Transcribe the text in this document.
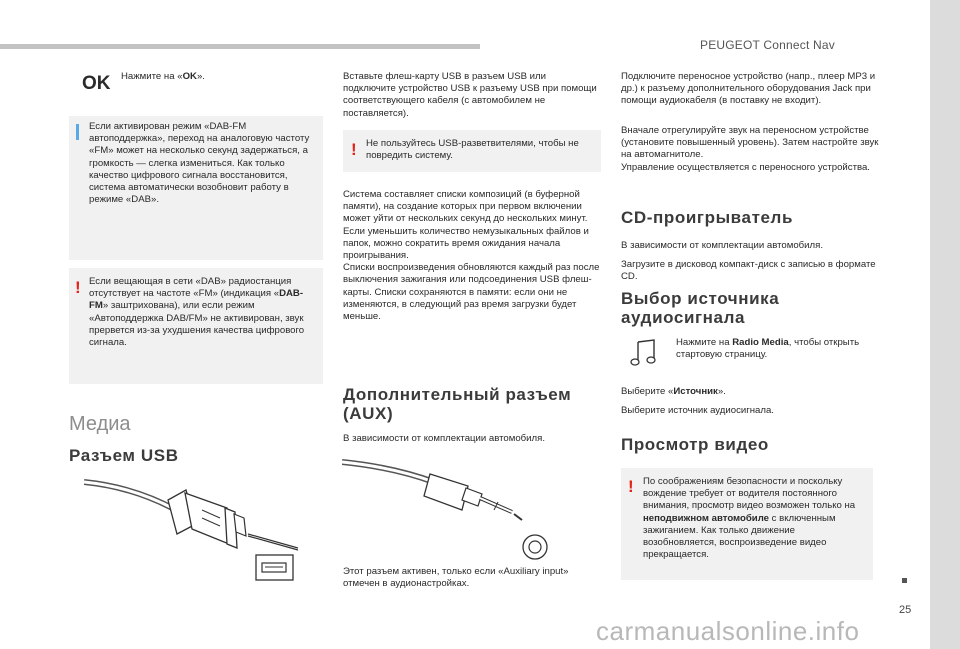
PEUGEOT Connect Nav
25
carmanualsonline.info
OK Нажмите на «OK».
Если активирован режим «DAB-FM автоподдержка», переход на аналоговую частоту «FM» может на несколько секунд задержаться, а громкость — слегка измениться. Как только качество цифрового сигнала восстановится, система автоматически возобновит работу в режиме «DAB».
! Если вещающая в сети «DAB» радиостанция отсутствует на частоте «FM» (индикация «DAB-FM» заштрихована), или если режим «Автоподдержка DAB/FM» не активирован, звук прервется из-за ухудшения качества цифрового сигнала.
Медиа
Разъем USB
Вставьте флеш-карту USB в разъем USB или подключите устройство USB к разъему USB при помощи соответствующего кабеля (с автомобилем не поставляется).
! Не пользуйтесь USB-разветвителями, чтобы не повредить систему.
Система составляет списки композиций (в буферной памяти), на создание которых при первом включении может уйти от нескольких секунд до нескольких минут.
Если уменьшить количество немузыкальных файлов и папок, можно сократить время ожидания начала проигрывания.
Списки воспроизведения обновляются каждый раз после выключения зажигания или подсоединения USB флеш-карты. Списки сохраняются в памяти: если они не изменяются, в следующий раз время загрузки будет меньше.
Дополнительный разъем (AUX)
В зависимости от комплектации автомобиля.
Этот разъем активен, только если «Auxiliary input» отмечен в аудионастройках.
Подключите переносное устройство (напр., плеер MP3 и др.) к разъему дополнительного оборудования Jack при помощи аудиокабеля (в поставку не входит).
Вначале отрегулируйте звук на переносном устройстве (установите повышенный уровень). Затем настройте звук на автомагнитоле.
Управление осуществляется с переносного устройства.
CD-проигрыватель
В зависимости от комплектации автомобиля.
Загрузите в дисковод компакт-диск с записью в формате CD.
Выбор источника аудиосигнала
Нажмите на Radio Media, чтобы открыть стартовую страницу.
Выберите «Источник».
Выберите источник аудиосигнала.
Просмотр видео
! По соображениям безопасности и поскольку вождение требует от водителя постоянного внимания, просмотр видео возможен только на неподвижном автомобиле с включенным зажиганием. Как только движение возобновляется, воспроизведение видео прекращается.
